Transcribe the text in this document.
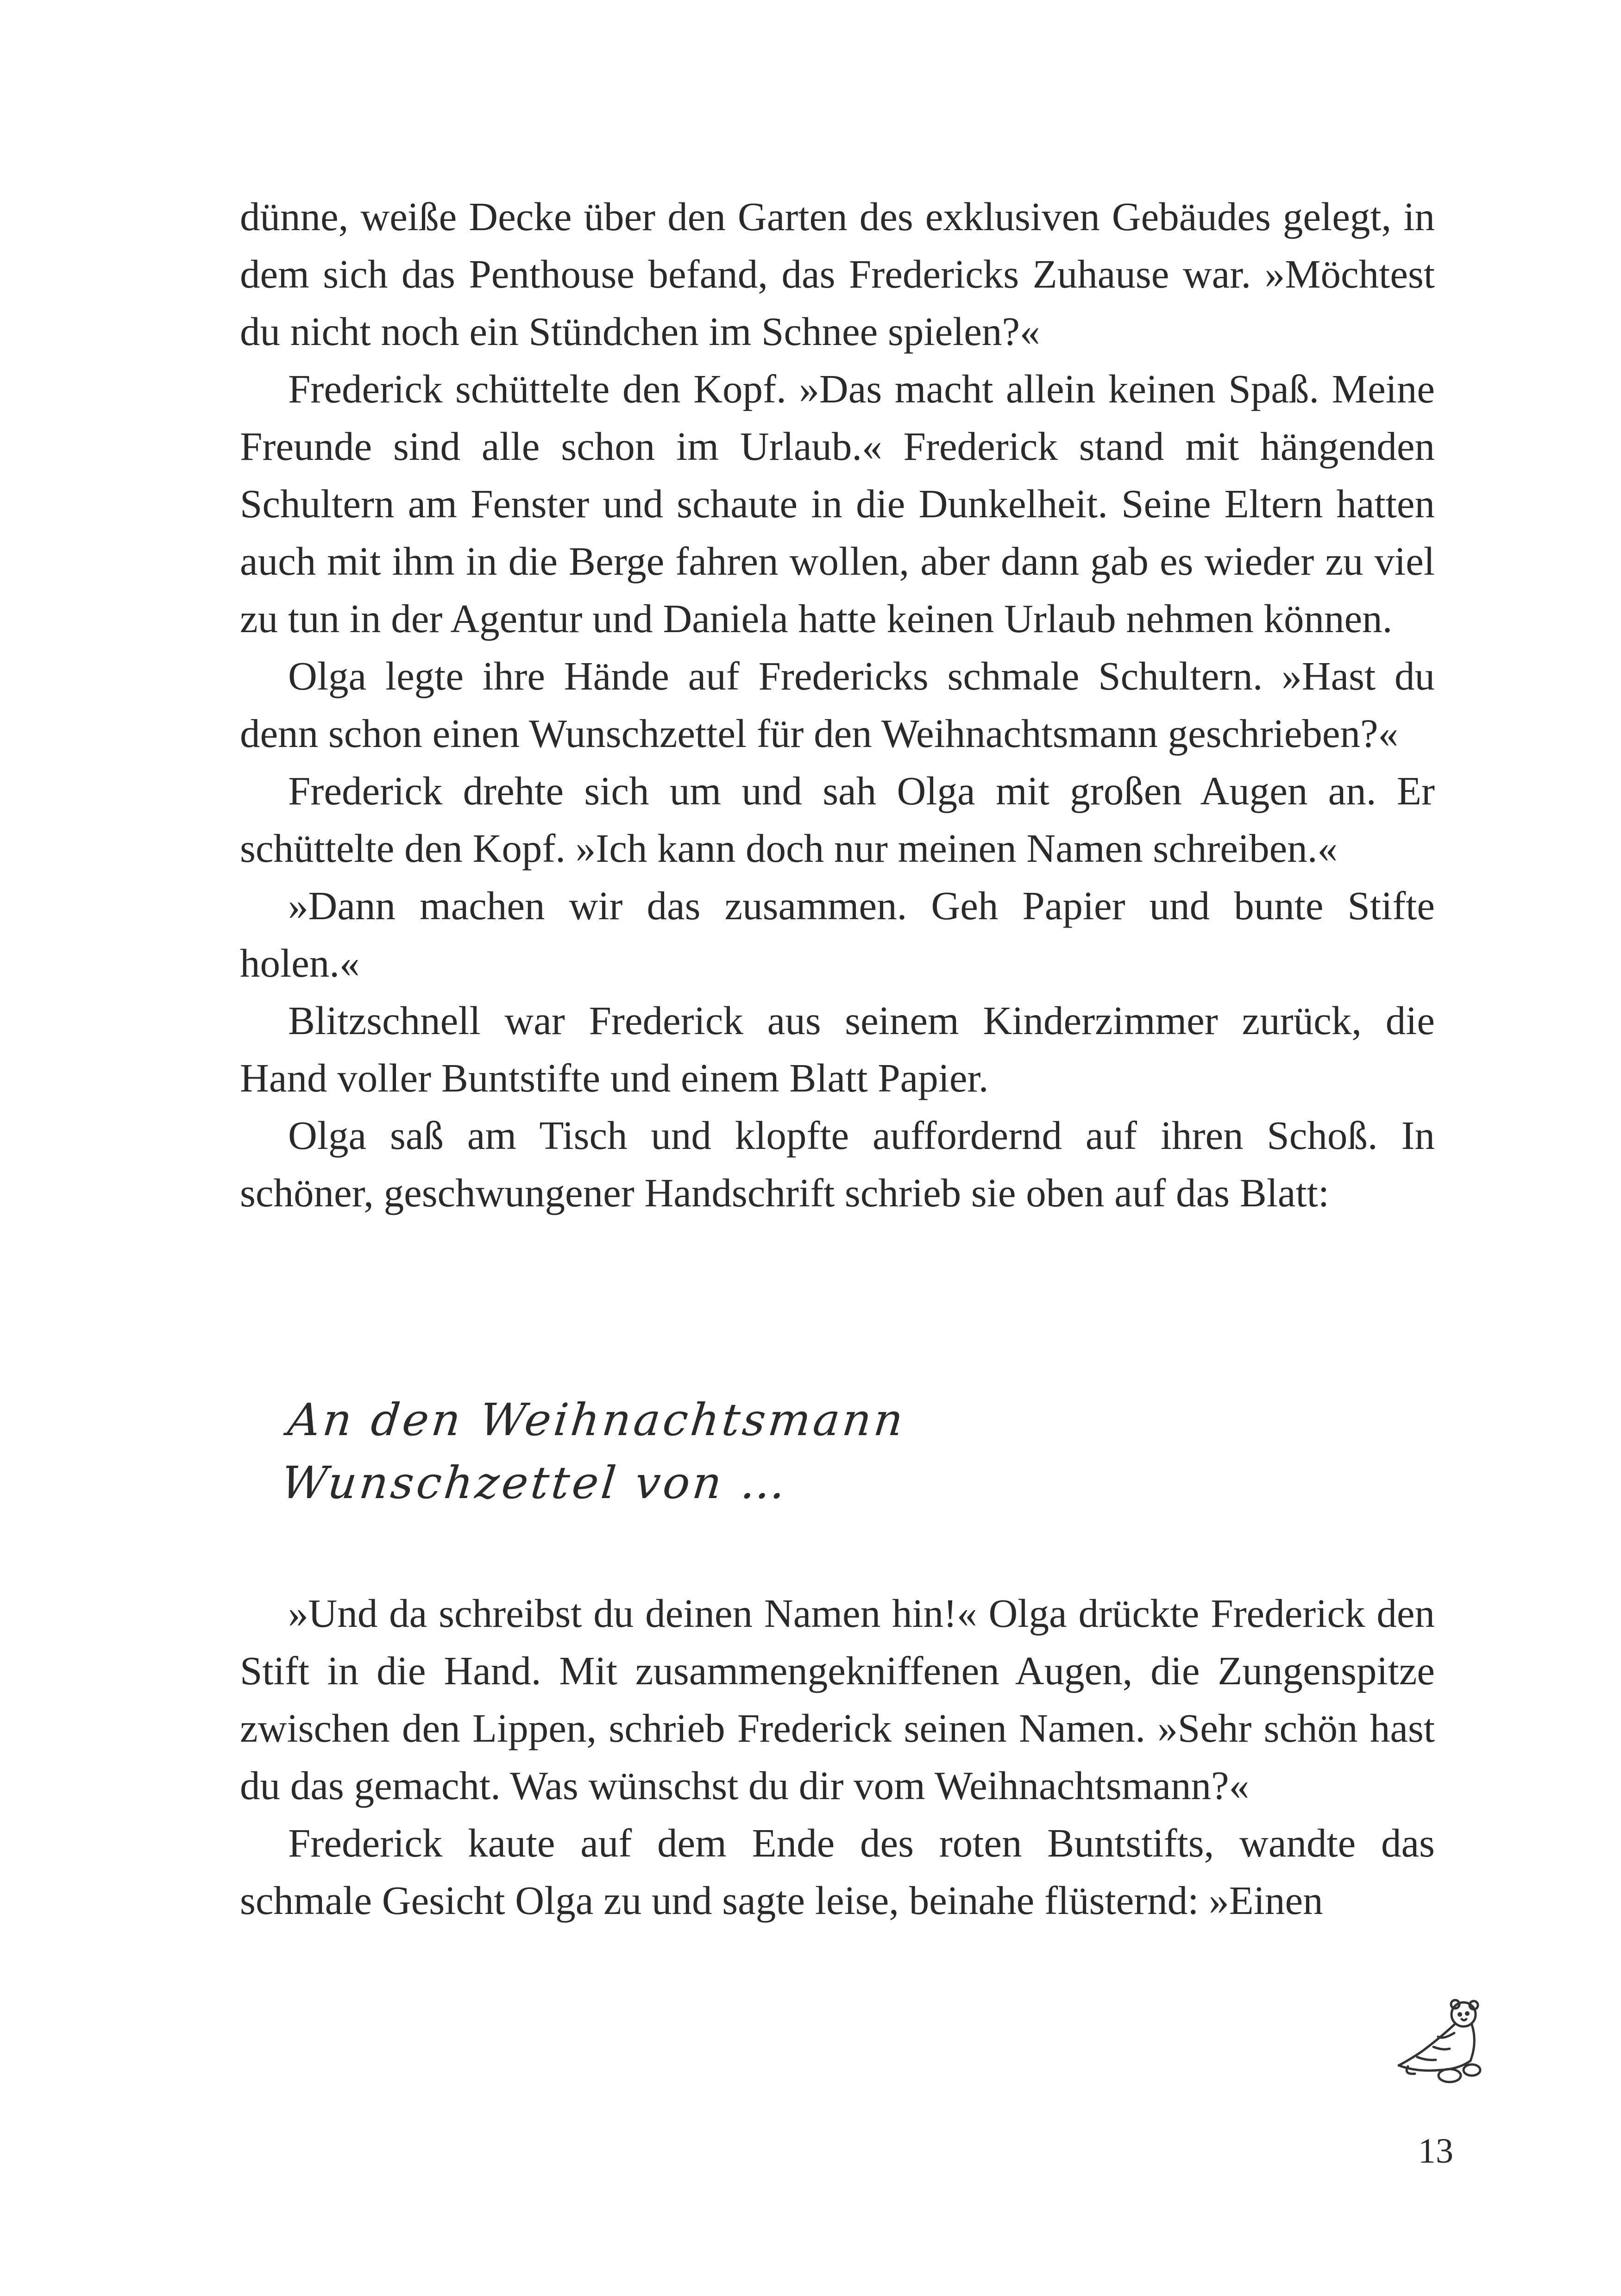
dünne, weiße Decke über den Garten des exklusiven Gebäudes gelegt, in dem sich das Penthouse befand, das Fredericks Zuhause war. »Möchtest du nicht noch ein Stündchen im Schnee spielen?«

Frederick schüttelte den Kopf. »Das macht allein keinen Spaß. Meine Freunde sind alle schon im Urlaub.« Frederick stand mit hängenden Schultern am Fenster und schaute in die Dunkelheit. Seine Eltern hatten auch mit ihm in die Berge fahren wollen, aber dann gab es wieder zu viel zu tun in der Agentur und Daniela hatte keinen Urlaub nehmen können.

Olga legte ihre Hände auf Fredericks schmale Schultern. »Hast du denn schon einen Wunschzettel für den Weihnachtsmann geschrieben?«

Frederick drehte sich um und sah Olga mit großen Augen an. Er schüttelte den Kopf. »Ich kann doch nur meinen Namen schreiben.«

»Dann machen wir das zusammen. Geh Papier und bunte Stifte holen.«

Blitzschnell war Frederick aus seinem Kinderzimmer zurück, die Hand voller Buntstifte und einem Blatt Papier.

Olga saß am Tisch und klopfte auffordernd auf ihren Schoß. In schöner, geschwungener Handschrift schrieb sie oben auf das Blatt:

An den Weihnachtsmann
Wunschzettel von …

»Und da schreibst du deinen Namen hin!« Olga drückte Frederick den Stift in die Hand. Mit zusammengekniffenen Augen, die Zungenspitze zwischen den Lippen, schrieb Frederick seinen Namen. »Sehr schön hast du das gemacht. Was wünschst du dir vom Weihnachtsmann?«

Frederick kaute auf dem Ende des roten Buntstifts, wandte das schmale Gesicht Olga zu und sagte leise, beinahe flüsternd: »Einen

13
